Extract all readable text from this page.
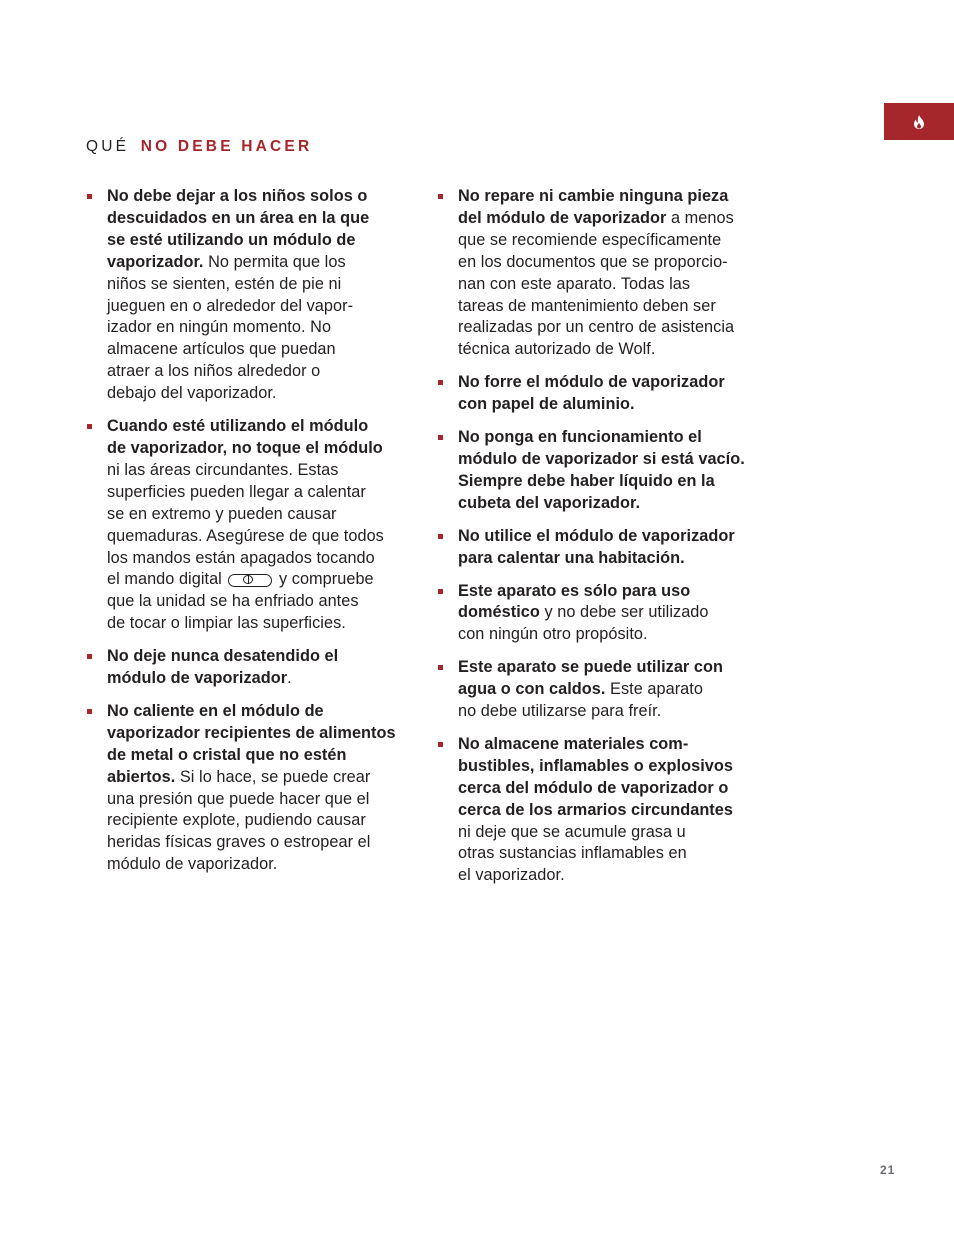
QUÉ NO DEBE HACER
No debe dejar a los niños solos o
descuidados en un área en la que
se esté utilizando un módulo de
vaporizador. No permita que los
niños se sienten, estén de pie ni
jueguen en o alrededor del vapor-
izador en ningún momento. No
almacene artículos que puedan
atraer a los niños alrededor o
debajo del vaporizador.
Cuando esté utilizando el módulo
de vaporizador, no toque el módulo
ni las áreas circundantes. Estas
superficies pueden llegar a calentar
se en extremo y pueden causar
quemaduras. Asegúrese de que todos
los mandos están apagados tocando
el mando digital	y compruebe
que la unidad se ha enfriado antes
de tocar o limpiar las superficies.
No deje nunca desatendido el
módulo de vaporizador.
No caliente en el módulo de
vaporizador recipientes de alimentos
de metal o cristal que no estén
abiertos. Si lo hace, se puede crear
una presión que puede hacer que el
recipiente explote, pudiendo causar
heridas físicas graves o estropear el
módulo de vaporizador.
No repare ni cambie ninguna pieza
del módulo de vaporizador a menos
que se recomiende específicamente
en los documentos que se proporcio-
nan con este aparato. Todas las
tareas de mantenimiento deben ser
realizadas por un centro de asistencia
técnica autorizado de Wolf.
No forre el módulo de vaporizador
con papel de aluminio.
No ponga en funcionamiento el
módulo de vaporizador si está vacío.
Siempre debe haber líquido en la
cubeta del vaporizador.
No utilice el módulo de vaporizador
para calentar una habitación.
Este aparato es sólo para uso
doméstico y no debe ser utilizado
con ningún otro propósito.
Este aparato se puede utilizar con
agua o con caldos. Este aparato
no debe utilizarse para freír.
No almacene materiales com-
bustibles, inflamables o explosivos
cerca del módulo de vaporizador o
cerca de los armarios circundantes
ni deje que se acumule grasa u
otras sustancias inflamables en
el vaporizador.
21
